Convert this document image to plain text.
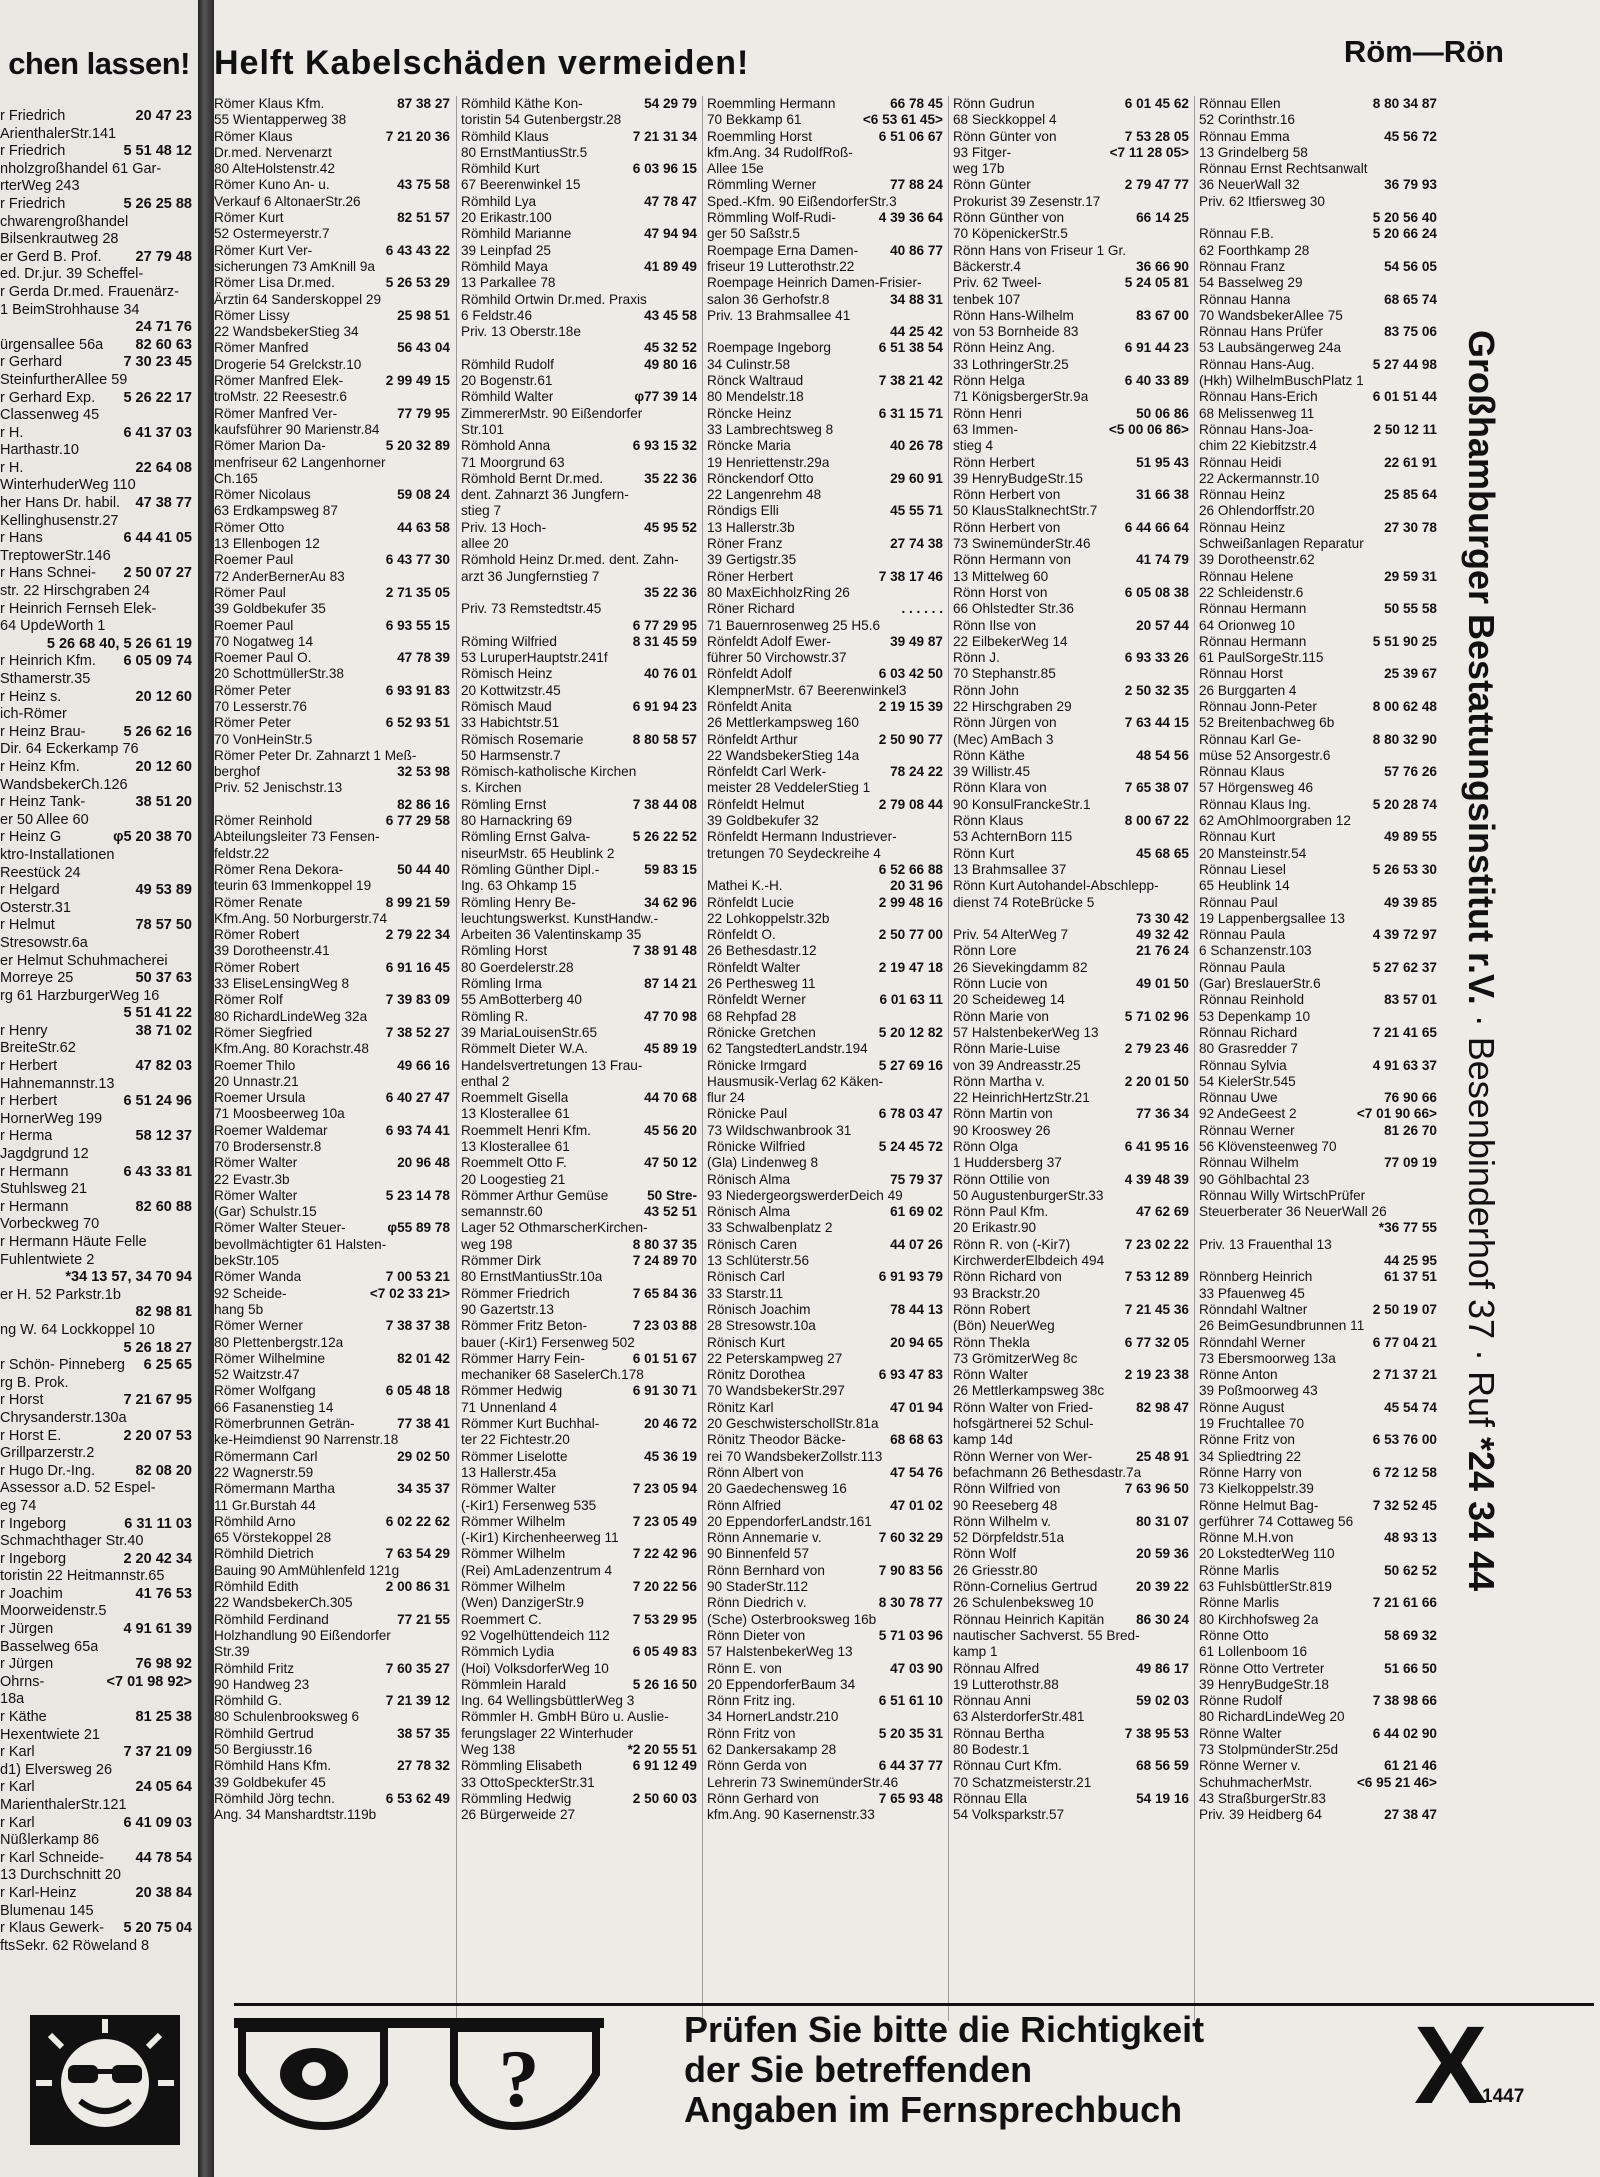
chen lassen!
r Friedrich	20 47 23
ArienthalerStr.141
r Friedrich	5 51 48 12
nholzgroßhandel 61 Gar-
rterWeg 243
r Friedrich	5 26 25 88
chwarengroßhandel
Bilsenkrautweg 28
er Gerd B. Prof. 27 79 48
ed. Dr.jur. 39 Scheffel-
r Gerda Dr.med. Frauenärz-
1 BeimStrohhause 34
24 71 76
ürgensallee 56a 82 60 63
r Gerhard	7 30 23 45
SteinfurtherAllee 59
r Gerhard Exp. 5 26 22 17
Classenweg 45
r H.	6 41 37 03
Harthastr.10
r H.	22 64 08
WinterhuderWeg 110
her Hans Dr. habil. 47 38 77
Kellinghusenstr.27
r Hans	6 44 41 05
TreptowerStr.146
r Hans Schnei- 2 50 07 27
str. 22 Hirschgraben 24
r Heinrich Fernseh Elek-
64 UpdeWorth 1
5 26 68 40, 5 26 61 19
r Heinrich Kfm. 6 05 09 74
Sthamerstr.35
r Heinz s.	20 12 60
ich-Römer
r Heinz Brau-	5 26 62 16
Dir. 64 Eckerkamp 76
r Heinz Kfm.	20 12 60
WandsbekerCh.126
r Heinz Tank-	38 51 20
er 50 Allee 60
r Heinz G	φ5 20 38 70
ktro-Installationen
Reestück 24
r Helgard	49 53 89
Osterstr.31
r Helmut	78 57 50
Stresowstr.6a
er Helmut Schuhmacherei
Morreye 25	50 37 63
rg 61 HarzburgerWeg 16
5 51 41 22
r Henry	38 71 02
BreiteStr.62
r Herbert	47 82 03
Hahnemannstr.13
r Herbert	6 51 24 96
HornerWeg 199
r Herma	58 12 37
Jagdgrund 12
r Hermann	6 43 33 81
Stuhlsweg 21
r Hermann	82 60 88
Vorbeckweg 70
r Hermann Häute Felle
Fuhlentwiete 2
*34 13 57, 34 70 94
er H. 52 Parkstr.1b
82 98 81
ng W. 64 Lockkoppel 10
5 26 18 27
r Schön- Pinneberg 6 25 65
rg B. Prok.
r Horst	7 21 67 95
Chrysanderstr.130a
r Horst E.	2 20 07 53
Grillparzerstr.2
r Hugo Dr.-Ing.	82 08 20
Assessor a.D. 52 Espel-
eg 74
r Ingeborg	6 31 11 03
Schmachthager Str.40
r Ingeborg	2 20 42 34
toristin 22 Heitmannstr.65
r Joachim	41 76 53
Moorweidenstr.5
r Jürgen	4 91 61 39
Basselweg 65a
r Jürgen	76 98 92
Ohrns-	<7 01 98 92>
18a
r Käthe	81 25 38
Hexentwiete 21
r Karl	7 37 21 09
d1) Elversweg 26
r Karl	24 05 64
MarienthalerStr.121
r Karl	6 41 09 03
Nüßlerkamp 86
r Karl Schneide- 44 78 54
13 Durchschnitt 20
r Karl-Heinz	20 38 84
Blumenau 145
r Klaus Gewerk- 5 20 75 04
ftsSekr. 62 Röweland 8
Helft Kabelschäden vermeiden!	Röm—Rön
Römer Klaus Kfm.	87 38 27
55 Wientapperweg 38
Römer Klaus	7 21 20 36
Dr.med. Nervenarzt
80 AlteHolstenstr.42
Römer Kuno An- u.	43 75 58
Verkauf 6 AltonaerStr.26
Römer Kurt	82 51 57
52 Ostermeyerstr.7
Römer Kurt Ver-	6 43 43 22
sicherungen 73 AmKnill 9a
Römer Lisa Dr.med.	5 26 53 29
Ärztin 64 Sanderskoppel 29
Römer Lissy	25 98 51
22 WandsbekerStieg 34
Römer Manfred	56 43 04
Drogerie 54 Grelckstr.10
Römer Manfred Elek-	2 99 49 15
troMstr. 22 Reesestr.6
Römer Manfred Ver-	77 79 95
kaufsführer 90 Marienstr.84
Römer Marion Da-	5 20 32 89
menfriseur 62 Langenhorner
Ch.165
Römer Nicolaus	59 08 24
63 Erdkampsweg 87
Römer Otto	44 63 58
13 Ellenbogen 12
Roemer Paul	6 43 77 30
72 AnderBernerAu 83
Römer Paul	2 71 35 05
39 Goldbekufer 35
Roemer Paul	6 93 55 15
70 Nogatweg 14
Roemer Paul O.	47 78 39
20 SchottmüllerStr.38
Römer Peter	6 93 91 83
70 Lesserstr.76
Römer Peter	6 52 93 51
70 VonHeinStr.5
Römer Peter Dr. Zahnarzt 1 Meß-
berghof	32 53 98
Priv. 52 Jenischstr.13
82 86 16
Römer Reinhold	6 77 29 58
Abteilungsleiter 73 Fensen-
feldstr.22
Römer Rena Dekora-	50 44 40
teurin 63 Immenkoppel 19
Römer Renate	8 99 21 59
Kfm.Ang. 50 Norburgerstr.74
Römer Robert	2 79 22 34
39 Dorotheenstr.41
Römer Robert	6 91 16 45
33 EliseLensingWeg 8
Römer Rolf	7 39 83 09
80 RichardLindeWeg 32a
Römer Siegfried	7 38 52 27
Kfm.Ang. 80 Korachstr.48
Roemer Thilo	49 66 16
20 Unnastr.21
Roemer Ursula	6 40 27 47
71 Moosbeerweg 10a
Roemer Waldemar	6 93 74 41
70 Brodersenstr.8
Römer Walter	20 96 48
22 Evastr.3b
Römer Walter	5 23 14 78
(Gar) Schulstr.15
Römer Walter Steuer-	φ55 89 78
bevollmächtigter 61 Halsten-
bekStr.105
Römer Wanda	7 00 53 21
92 Scheide-	<7 02 33 21>
hang 5b
Römer Werner	7 38 37 38
80 Plettenbergstr.12a
Römer Wilhelmine	82 01 42
52 Waitzstr.47
Römer Wolfgang	6 05 48 18
66 Fasanenstieg 14
Römerbrunnen Geträn-	77 38 41
ke-Heimdienst 90 Narrenstr.18
Römermann Carl	29 02 50
22 Wagnerstr.59
Römermann Martha	34 35 37
11 Gr.Burstah 44
Römhild Arno	6 02 22 62
65 Vörstekoppel 28
Römhild Dietrich	7 63 54 29
Bauing 90 AmMühlenfeld 121g
Römhild Edith	2 00 86 31
22 WandsbekerCh.305
Römhild Ferdinand	77 21 55
Holzhandlung 90 Eißendorfer
Str.39
Römhild Fritz	7 60 35 27
90 Handweg 23
Römhild G.	7 21 39 12
80 Schulenbrooksweg 6
Römhild Gertrud	38 57 35
50 Bergiusstr.16
Römhild Hans Kfm.	27 78 32
39 Goldbekufer 45
Römhild Jörg techn.	6 53 62 49
Ang. 34 Manshardtstr.119b
Römhild Käthe Kon-	54 29 79
toristin 54 Gutenbergstr.28
Römhild Klaus	7 21 31 34
80 ErnstMantiusStr.5
Römhild Kurt	6 03 96 15
67 Beerenwinkel 15
Römhild Lya	47 78 47
20 Erikastr.100
Römhild Marianne	47 94 94
39 Leinpfad 25
Römhild Maya	41 89 49
13 Parkallee 78
Römhild Ortwin Dr.med. Praxis
6 Feldstr.46	43 45 58
Priv. 13 Oberstr.18e
45 32 52
Römhild Rudolf	49 80 16
20 Bogenstr.61
Römhild Walter	φ77 39 14
ZimmererMstr. 90 Eißendorfer
Str.101
Römhold Anna	6 93 15 32
71 Moorgrund 63
Römhold Bernt Dr.med.	35 22 36
dent. Zahnarzt 36 Jungfern-
stieg 7
Priv. 13 Hoch-	45 95 52
allee 20
Römhold Heinz Dr.med. dent. Zahn-
arzt 36 Jungfernstieg 7
35 22 36
Priv. 73 Remstedtstr.45
6 77 29 95
Röming Wilfried	8 31 45 59
53 LuruperHauptstr.241f
Römisch Heinz	40 76 01
20 Kottwitzstr.45
Römisch Maud	6 91 94 23
33 Habichtstr.51
Römisch Rosemarie	8 80 58 57
50 Harmsenstr.7
Römisch-katholische Kirchen
s. Kirchen
Römling Ernst	7 38 44 08
80 Harnackring 69
Römling Ernst Galva-	5 26 22 52
niseurMstr. 65 Heublink 2
Römling Günther Dipl.-	59 83 15
Ing. 63 Ohkamp 15
Römling Henry Be-	34 62 96
leuchtungswerkst. KunstHandw.-
Arbeiten 36 Valentinskamp 35
Römling Horst	7 38 91 48
80 Goerdelerstr.28
Römling Irma	87 14 21
55 AmBotterberg 40
Römling R.	47 70 98
39 MariaLouisenStr.65
Römmelt Dieter W.A.	45 89 19
Handelsvertretungen 13 Frau-
enthal 2
Roemmelt Gisella	44 70 68
13 Klosterallee 61
Roemmelt Henri Kfm.	45 56 20
13 Klosterallee 61
Roemmelt Otto F.	47 50 12
20 Loogestieg 21
Römmer Arthur Gemüse	50 Stre-
semannstr.60	43 52 51
Lager 52 OthmarscherKirchen-
weg 198	8 80 37 35
Römmer Dirk	7 24 89 70
80 ErnstMantiusStr.10a
Römmer Friedrich	7 65 84 36
90 Gazertstr.13
Römmer Fritz Beton-	7 23 03 88
bauer (-Kir1) Fersenweg 502
Römmer Harry Fein-	6 01 51 67
mechaniker 68 SaselerCh.178
Römmer Hedwig	6 91 30 71
71 Unnenland 4
Römmer Kurt Buchhal-	20 46 72
ter 22 Fichtestr.20
Römmer Liselotte	45 36 19
13 Hallerstr.45a
Römmer Walter	7 23 05 94
(-Kir1) Fersenweg 535
Römmer Wilhelm	7 23 05 49
(-Kir1) Kirchenheerweg 11
Römmer Wilhelm	7 22 42 96
(Rei) AmLadenzentrum 4
Römmer Wilhelm	7 20 22 56
(Wen) DanzigerStr.9
Roemmert C.	7 53 29 95
92 Vogelhüttendeich 112
Römmich Lydia	6 05 49 83
(Hoi) VolksdorferWeg 10
Römmlein Harald	5 26 16 50
Ing. 64 WellingsbüttlerWeg 3
Römmler H. GmbH Büro u. Auslie-
ferungslager 22 Winterhuder
Weg 138	*2 20 55 51
Römmling Elisabeth	6 91 12 49
33 OttoSpeckterStr.31
Römmling Hedwig	2 50 60 03
26 Bürgerweide 27
Roemmling Hermann	66 78 45
70 Bekkamp 61	<6 53 61 45>
Roemmling Horst	6 51 06 67
kfm.Ang. 34 RudolfRoß-
Allee 15e
Römmling Werner	77 88 24
Sped.-Kfm. 90 EißendorferStr.3
Römmling Wolf-Rudi-	4 39 36 64
ger 50 Saßstr.5
Roempage Erna Damen- 40 86 77
friseur 19 Lutterothstr.22
Roempage Heinrich Damen-Frisier-
salon 36 Gerhofstr.8	34 88 31
Priv. 13 Brahmsallee 41
44 25 42
Roempage Ingeborg	6 51 38 54
34 Culinstr.58
Rönck Waltraud	7 38 21 42
80 Mendelstr.18
Röncke Heinz	6 31 15 71
33 Lambrechtsweg 8
Röncke Maria	40 26 78
19 Henriettenstr.29a
Rönckendorf Otto	29 60 91
22 Langenrehm 48
Röndigs Elli	45 55 71
13 Hallerstr.3b
Röner Franz	27 74 38
39 Gertigstr.35
Röner Herbert	7 38 17 46
80 MaxEichholzRing 26
Röner Richard	. . . . . .
71 Bauernrosenweg 25 H5.6
Rönfeldt Adolf Ewer-	39 49 87
führer 50 Virchowstr.37
Rönfeldt Adolf	6 03 42 50
KlempnerMstr. 67 Beerenwinkel3
Rönfeldt Anita	2 19 15 39
26 Mettlerkampsweg 160
Rönfeldt Arthur	2 50 90 77
22 WandsbekerStieg 14a
Rönfeldt Carl Werk-	78 24 22
meister 28 VeddelerStieg 1
Rönfeldt Helmut	2 79 08 44
39 Goldbekufer 32
Rönfeldt Hermann Industriever-
tretungen 70 Seydeckreihe 4
6 52 66 88
Mathei K.-H.	20 31 96
Rönfeldt Lucie	2 99 48 16
22 Lohkoppelstr.32b
Rönfeldt O.	2 50 77 00
26 Bethesdastr.12
Rönfeldt Walter	2 19 47 18
26 Perthesweg 11
Rönfeldt Werner	6 01 63 11
68 Rehpfad 28
Rönicke Gretchen	5 20 12 82
62 TangstedterLandstr.194
Rönicke Irmgard	5 27 69 16
Hausmusik-Verlag 62 Käken-
flur 24
Rönicke Paul	6 78 03 47
73 Wildschwanbrook 31
Rönicke Wilfried	5 24 45 72
(Gla) Lindenweg 8
Rönisch Alma	75 79 37
93 NiedergeorgswerderDeich 49
Rönisch Alma	61 69 02
33 Schwalbenplatz 2
Rönisch Caren	44 07 26
13 Schlüterstr.56
Rönisch Carl	6 91 93 79
33 Starstr.11
Rönisch Joachim	78 44 13
28 Stresowstr.10a
Rönisch Kurt	20 94 65
22 Peterskampweg 27
Rönitz Dorothea	6 93 47 83
70 WandsbekerStr.297
Rönitz Karl	47 01 94
20 GeschwisterschollStr.81a
Rönitz Theodor Bäcke-	68 68 63
rei 70 WandsbekerZollstr.113
Rönn Albert von	47 54 76
20 Gaedechensweg 16
Rönn Alfried	47 01 02
20 EppendorferLandstr.161
Rönn Annemarie v.	7 60 32 29
90 Binnenfeld 57
Rönn Bernhard von	7 90 83 56
90 StaderStr.112
Rönn Diedrich v.	8 30 78 77
(Sche) Osterbrooksweg 16b
Rönn Dieter von	5 71 03 96
57 HalstenbekerWeg 13
Rönn E. von	47 03 90
20 EppendorferBaum 34
Rönn Fritz ing.	6 51 61 10
34 HornerLandstr.210
Rönn Fritz von	5 20 35 31
62 Dankersakamp 28
Rönn Gerda von	6 44 37 77
Lehrerin 73 SwinemünderStr.46
Rönn Gerhard von	7 65 93 48
kfm.Ang. 90 Kasernenstr.33
Rönn Gudrun	6 01 45 62
68 Sieckkoppel 4
Rönn Günter von	7 53 28 05
93 Fitger-	<7 11 28 05>
weg 17b
Rönn Günter	2 79 47 77
Prokurist 39 Zesenstr.17
Rönn Günther von	66 14 25
70 KöpenickerStr.5
Rönn Hans von Friseur 1 Gr.
Bäckerstr.4	36 66 90
Priv. 62 Tweel-	5 24 05 81
tenbek 107
Rönn Hans-Wilhelm	83 67 00
von 53 Bornheide 83
Rönn Heinz Ang.	6 91 44 23
33 LothringerStr.25
Rönn Helga	6 40 33 89
71 KönigsbergerStr.9a
Rönn Henri	50 06 86
63 Immen-	<5 00 06 86>
stieg 4
Rönn Herbert	51 95 43
39 HenryBudgeStr.15
Rönn Herbert von	31 66 38
50 KlausStalknechtStr.7
Rönn Herbert von	6 44 66 64
73 SwinemünderStr.46
Rönn Hermann von	41 74 79
13 Mittelweg 60
Rönn Horst von	6 05 08 38
66 Ohlstedter Str.36
Rönn Ilse von	20 57 44
22 EilbekerWeg 14
Rönn J.	6 93 33 26
70 Stephanstr.85
Rönn John	2 50 32 35
22 Hirschgraben 29
Rönn Jürgen von	7 63 44 15
(Mec) AmBach 3
Rönn Käthe	48 54 56
39 Willistr.45
Rönn Klara von	7 65 38 07
90 KonsulFranckeStr.1
Rönn Klaus	8 00 67 22
53 AchternBorn 115
Rönn Kurt	45 68 65
13 Brahmsallee 37
Rönn Kurt Autohandel-Abschlepp-
dienst 74 RoteBrücke 5
73 30 42
Priv. 54 AlterWeg 7	49 32 42
Rönn Lore	21 76 24
26 Sievekingdamm 82
Rönn Lucie von	49 01 50
20 Scheideweg 14
Rönn Marie von	5 71 02 96
57 HalstenbekerWeg 13
Rönn Marie-Luise	2 79 23 46
von 39 Andreasstr.25
Rönn Martha v.	2 20 01 50
22 HeinrichHertzStr.21
Rönn Martin von	77 36 34
90 Krooswey 26
Rönn Olga	6 41 95 16
1 Huddersberg 37
Rönn Ottilie von	4 39 48 39
50 AugustenburgerStr.33
Rönn Paul Kfm.	47 62 69
20 Erikastr.90
Rönn R. von (-Kir7)	7 23 02 22
KirchwerderElbdeich 494
Rönn Richard von	7 53 12 89
93 Brackstr.20
Rönn Robert	7 21 45 36
(Bön) NeuerWeg
Rönn Thekla	6 77 32 05
73 GrömitzerWeg 8c
Rönn Walter	2 19 23 38
26 Mettlerkampsweg 38c
Rönn Walter von Fried-	82 98 47
hofsgärtnerei 52 Schul-
kamp 14d
Rönn Werner von Wer-	25 48 91
befachmann 26 Bethesdastr.7a
Rönn Wilfried von	7 63 96 50
90 Reeseberg 48
Rönn Wilhelm v.	80 31 07
52 Dörpfeldstr.51a
Rönn Wolf	20 59 36
26 Griesstr.80
Rönn-Cornelius Gertrud	20 39 22
26 Schulenbeksweg 10
Rönnau Heinrich Kapitän 86 30 24
nautischer Sachverst. 55 Bred-
kamp 1
Rönnau Alfred	49 86 17
19 Lutterothstr.88
Rönnau Anni	59 02 03
63 AlsterdorferStr.481
Rönnau Bertha	7 38 95 53
80 Bodestr.1
Rönnau Curt Kfm.	68 56 59
70 Schatzmeisterstr.21
Rönnau Ella	54 19 16
54 Volksparkstr.57
Rönnau Ellen	8 80 34 87
52 Corinthstr.16
Rönnau Emma	45 56 72
13 Grindelberg 58
Rönnau Ernst Rechtsanwalt
36 NeuerWall 32	36 79 93
Priv. 62 Itfiersweg 30
5 20 56 40
Rönnau F.B.	5 20 66 24
62 Foorthkamp 28
Rönnau Franz	54 56 05
54 Basselweg 29
Rönnau Hanna	68 65 74
70 WandsbekerAllee 75
Rönnau Hans Prüfer	83 75 06
53 Laubsängerweg 24a
Rönnau Hans-Aug.	5 27 44 98
(Hkh) WilhelmBuschPlatz 1
Rönnau Hans-Erich	6 01 51 44
68 Melissenweg 11
Rönnau Hans-Joa-	2 50 12 11
chim 22 Kiebitzstr.4
Rönnau Heidi	22 61 91
22 Ackermannstr.10
Rönnau Heinz	25 85 64
26 Ohlendorffstr.20
Rönnau Heinz	27 30 78
Schweißanlagen Reparatur
39 Dorotheenstr.62
Rönnau Helene	29 59 31
22 Schleidenstr.6
Rönnau Hermann	50 55 58
64 Orionweg 10
Rönnau Hermann	5 51 90 25
61 PaulSorgeStr.115
Rönnau Horst	25 39 67
26 Burggarten 4
Rönnau Jonn-Peter	8 00 62 48
52 Breitenbachweg 6b
Rönnau Karl Ge-	8 80 32 90
müse 52 Ansorgestr.6
Rönnau Klaus	57 76 26
57 Hörgensweg 46
Rönnau Klaus Ing.	5 20 28 74
62 AmOhlmoorgraben 12
Rönnau Kurt	49 89 55
20 Mansteinstr.54
Rönnau Liesel	5 26 53 30
65 Heublink 14
Rönnau Paul	49 39 85
19 Lappenbergsallee 13
Rönnau Paula	4 39 72 97
6 Schanzenstr.103
Rönnau Paula	5 27 62 37
(Gar) BreslauerStr.6
Rönnau Reinhold	83 57 01
53 Depenkamp 10
Rönnau Richard	7 21 41 65
80 Grasredder 7
Rönnau Sylvia	4 91 63 37
54 KielerStr.545
Rönnau Uwe	76 90 66
92 AndeGeest 2	<7 01 90 66>
Rönnau Werner	81 26 70
56 Klövensteenweg 70
Rönnau Wilhelm	77 09 19
90 Göhlbachtal 23
Rönnau Willy WirtschPrüfer
Steuerberater 36 NeuerWall 26
*36 77 55
Priv. 13 Frauenthal 13
44 25 95
Rönnberg Heinrich	61 37 51
33 Pfauenweg 45
Rönndahl Waltner	2 50 19 07
26 BeimGesundbrunnen 11
Rönndahl Werner	6 77 04 21
73 Ebersmoorweg 13a
Rönne Anton	2 71 37 21
39 Poßmoorweg 43
Rönne August	45 54 74
19 Fruchtallee 70
Rönne Fritz von	6 53 76 00
34 Spliedtring 22
Rönne Harry von	6 72 12 58
73 Kielkoppelstr.39
Rönne Helmut Bag-	7 32 52 45
gerführer 74 Cottaweg 56
Rönne M.H.von	48 93 13
20 LokstedterWeg 110
Rönne Marlis	50 62 52
63 FuhlsbüttlerStr.819
Rönne Marlis	7 21 61 66
80 Kirchhofsweg 2a
Rönne Otto	58 69 32
61 Lollenboom 16
Rönne Otto Vertreter	51 66 50
39 HenryBudgeStr.18
Rönne Rudolf	7 38 98 66
80 RichardLindeWeg 20
Rönne Walter	6 44 02 90
73 StolpmünderStr.25d
Rönne Werner v.	61 21 46
SchuhmacherMstr.	<6 95 21 46>
43 StraßburgerStr.83
Priv. 39 Heidberg 64	27 38 47
Großhamburger Bestattungsinstitut r.V. · Besenbinderhof 37 · Ruf *24 34 44
?
Prüfen Sie bitte die Richtigkeit
der Sie betreffenden
Angaben im Fernsprechbuch X
1447
